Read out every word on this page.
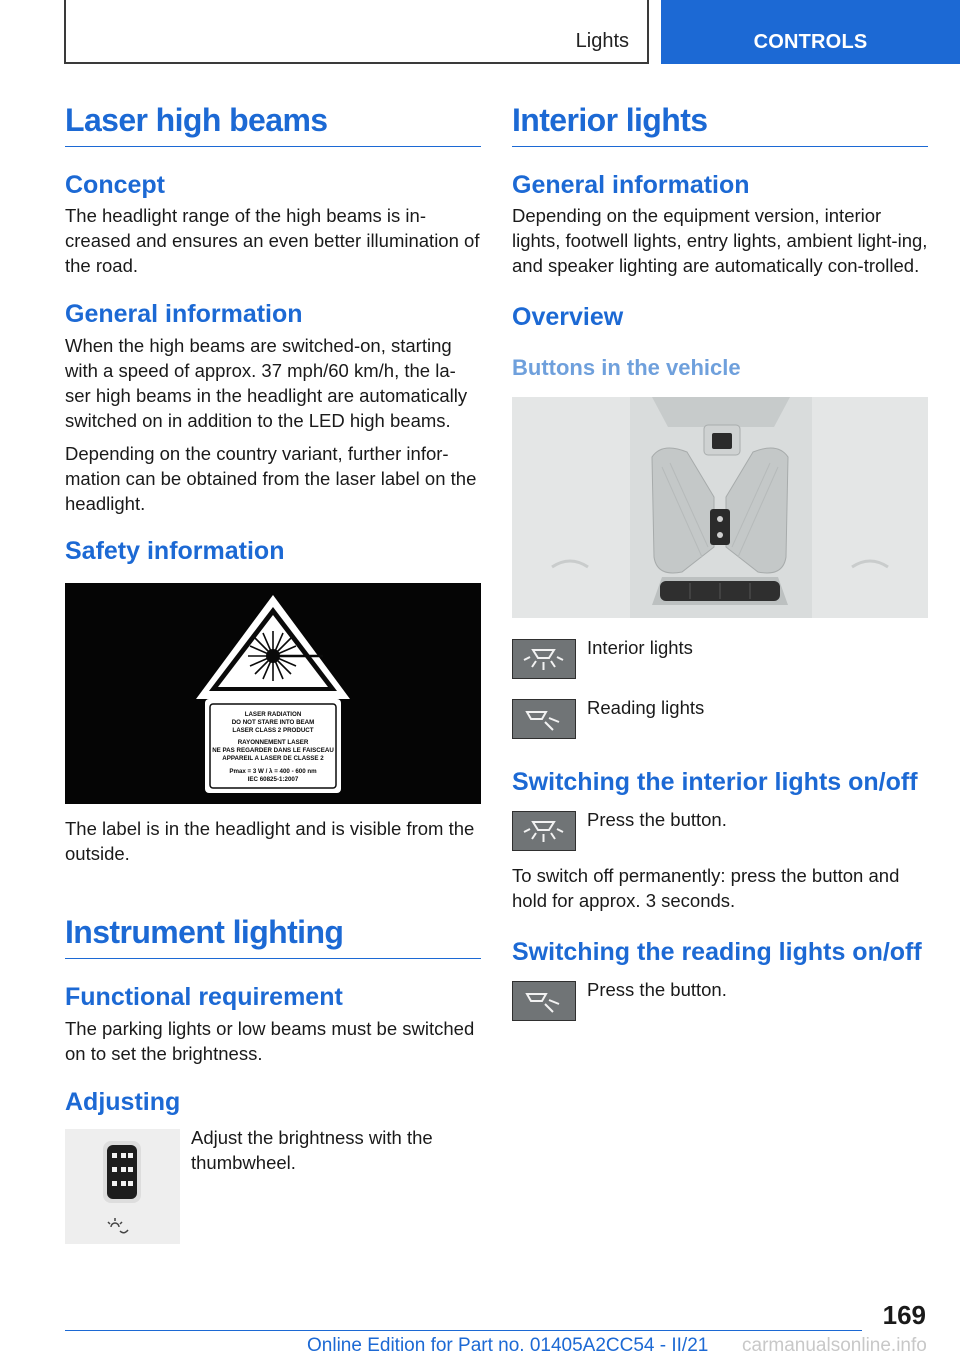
Lights	CONTROLS
Laser high beams
Concept

The headlight range of the high beams is in‐creased and ensures an even better illumination of the road.

General information

When the high beams are switched-on, starting with a speed of approx. 37 mph/60 km/h, the la‐ser high beams in the headlight are automatically switched on in addition to the LED high beams.

Depending on the country variant, further infor‐mation can be obtained from the laser label on the headlight.

Safety information
LASER RADIATION
DO NOT STARE INTO BEAM
LASER CLASS 2 PRODUCT
RAYONNEMENT LASER
NE PAS REGARDER DANS LE FAISCEAU
APPAREIL A LASER DE CLASSE 2
Pmax = 3 W / λ = 400 - 600 nm
IEC 60825-1:2007

The label is in the headlight and is visible from the outside.

Instrument lighting
Functional requirement

The parking lights or low beams must be switched on to set the brightness.

Adjusting

Adjust the brightness with the thumbwheel.

Interior lights
General information

Depending on the equipment version, interior lights, footwell lights, entry lights, ambient light‐ing, and speaker lighting are automatically con‐trolled.

Overview
Buttons in the vehicle
Interior lights
Reading lights
Switching the interior lights on/off
Press the button.

To switch off permanently: press the button and hold for approx. 3 seconds.

Switching the reading lights on/off
Press the button.
169
Online Edition for Part no. 01405A2CC54 - II/21 carmanualsonline.info
